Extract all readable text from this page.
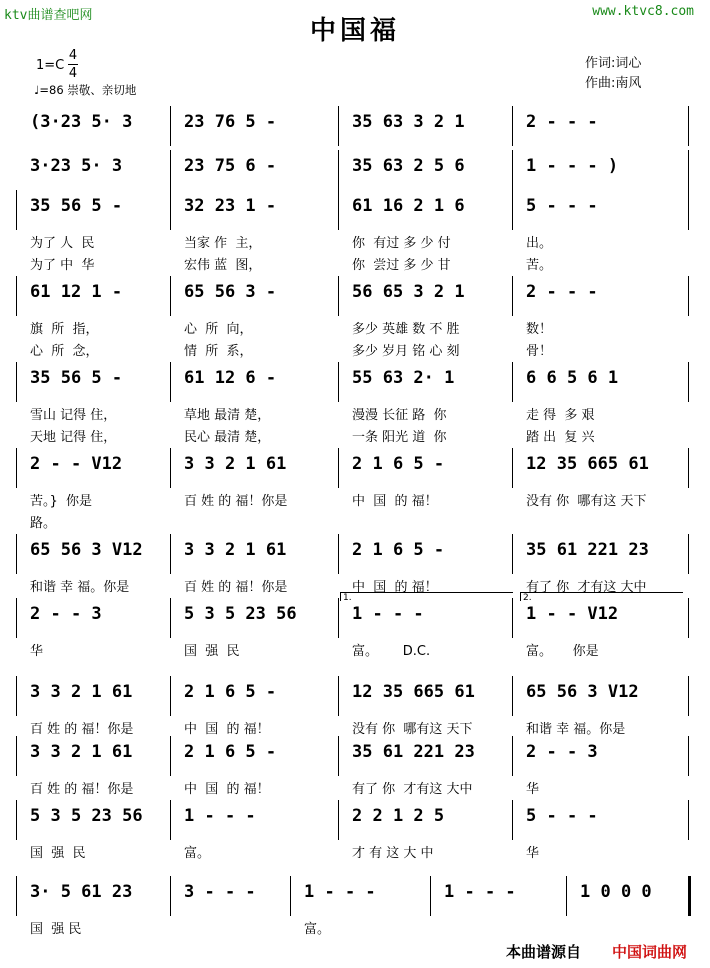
ktv曲谱查吧网	www.ktvc8.com
中国福
1=C
4
4
♩=86 崇敬、亲切地
作词:词心
作曲:南风
(3·23 5· 3	23 76 5 -	35 63 3 2 1	2 - - -
3·23 5· 3	23 75 6 -	35 63 2 5 6	1 - - - )
35 56 5 -
为了 人  民
为了 中  华
32 23 1 -
当家 作  主，
宏伟 蓝  图，
61 16 2 1 6
你  有过 多 少 付
你  尝过 多 少 甘
5 - - -
出。
苦。
61 12 1 -
旗  所  指，
心  所  念，
65 56 3 -
心  所  向，
情  所  系，
56 65 3 2 1
多少 英雄 数 不 胜
多少 岁月 铭 心 刻
2 - - -
数！
骨！
35 56 5 -
雪山 记得 住，
天地 记得 住，
61 12 6 -
草地 最清 楚，
民心 最清 楚，
55 63 2· 1
漫漫 长征 路  你
一条 阳光 道  你
6 6 5 6 1
走 得  多 艰
踏 出  复 兴
2 - - V12
苦。}  你是
路。
3 3 2 1 61
百 姓 的 福！你是
2 1 6 5 -
中  国  的 福！
12 35 665 61
没有 你  哪有这 天下
65 56 3 V12
和谐 幸 福。你是
3 3 2 1 61
百 姓 的 福！你是
2 1 6 5 -
中  国  的 福！
35 61 221 23
有了 你  才有这 大中
2 - - 3
华
5 3 5 23 56
国  强  民
1 - - -
富。      D.C.
1 - - V12
富。     你是
1.	2.
3 3 2 1 61
百 姓 的 福！你是
2 1 6 5 -
中  国  的 福！
12 35 665 61
没有 你  哪有这 天下
65 56 3 V12
和谐 幸 福。你是
3 3 2 1 61
百 姓 的 福！你是
2 1 6 5 -
中  国  的 福！
35 61 221 23
有了 你  才有这 大中
2 - - 3
华
5 3 5 23 56
国  强  民
1 - - -
富。
2 2 1 2 5
才 有 这 大 中
5 - - -
华
3· 5 61 23
国  强 民
3 - - -	1 - - -
富。
1 - - -	1 0 0 0
本曲谱源自 中国词曲网
